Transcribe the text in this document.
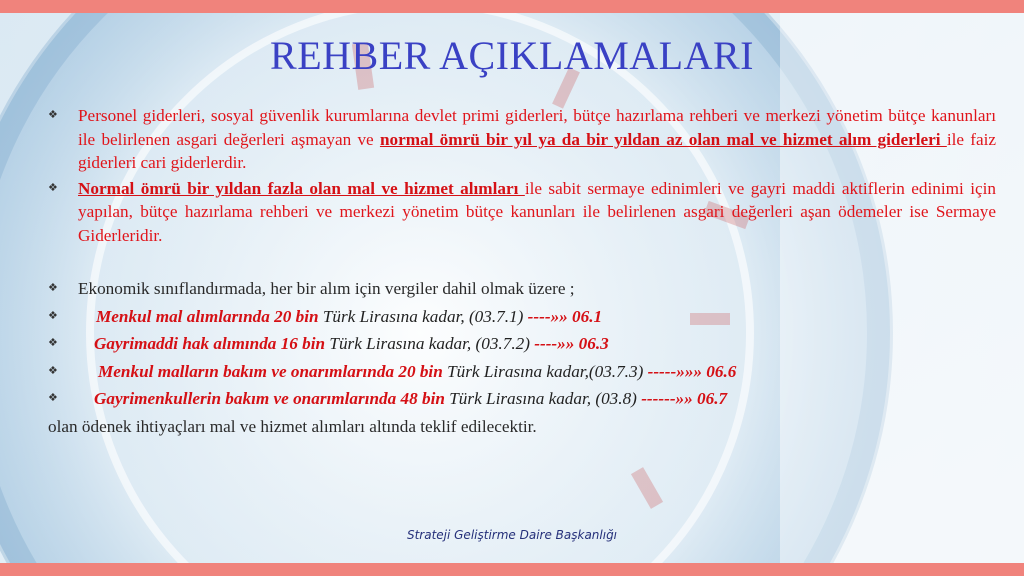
REHBER AÇIKLAMALARI

❖ Personel giderleri, sosyal güvenlik kurumlarına devlet primi giderleri, bütçe hazırlama rehberi ve merkezi yönetim bütçe kanunları ile belirlenen asgari değerleri aşmayan ve normal ömrü bir yıl ya da bir yıldan az olan mal ve hizmet alım giderleri ile faiz giderleri cari giderlerdir.

❖ Normal ömrü bir yıldan fazla olan mal ve hizmet alımları ile sabit sermaye edinimleri ve gayri maddi aktiflerin edinimi için yapılan, bütçe hazırlama rehberi ve merkezi yönetim bütçe kanunları ile belirlenen asgari değerleri aşan ödemeler ise Sermaye Giderleridir.

❖ Ekonomik sınıflandırmada, her bir alım için vergiler dahil olmak üzere ;
❖ Menkul mal alımlarında 20 bin Türk Lirasına kadar, (03.7.1) ----»» 06.1
❖ Gayrimaddi hak alımında 16 bin Türk Lirasına kadar, (03.7.2) ----»» 06.3
❖ Menkul malların bakım ve onarımlarında 20 bin Türk Lirasına kadar,(03.7.3) -----»»» 06.6
❖ Gayrimenkullerin bakım ve onarımlarında 48 bin Türk Lirasına kadar, (03.8) ------»» 06.7
olan ödenek ihtiyaçları mal ve hizmet alımları altında teklif edilecektir.
Strateji Geliştirme Daire Başkanlığı
